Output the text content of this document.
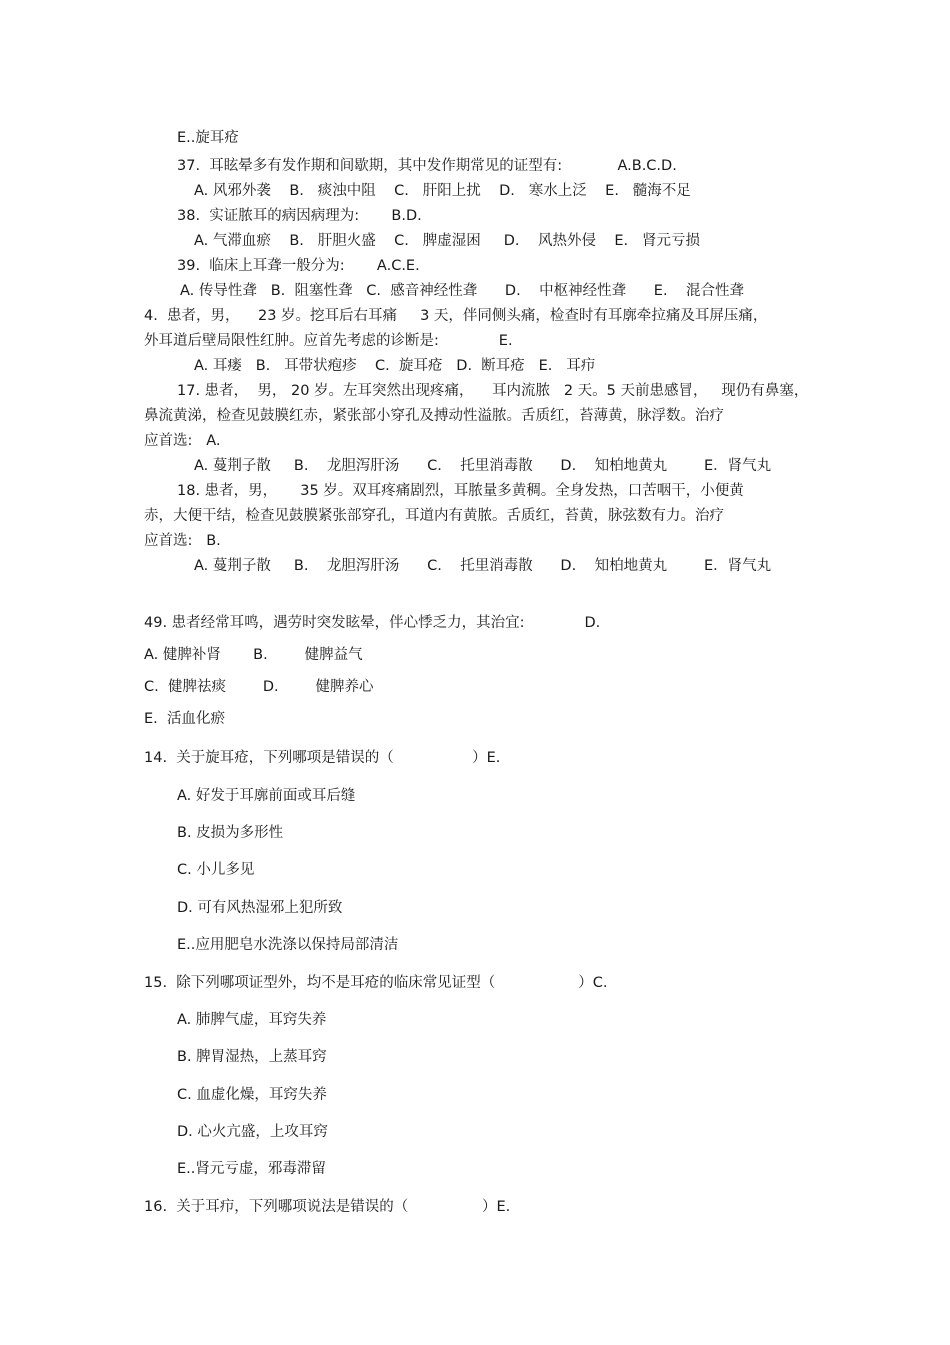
E..旋耳疮
37.  耳眩晕多有发作期和间歇期，其中发作期常见的证型有:            A.B.C.D.
A. 风邪外袭    B.   痰浊中阻    C.   肝阳上扰    D.   寒水上泛    E.   髓海不足
38.  实证脓耳的病因病理为:       B.D.
A. 气滞血瘀    B.   肝胆火盛    C.   脾虚湿困     D.    风热外侵    E.   肾元亏损
39.  临床上耳聋一般分为:       A.C.E.
A. 传导性聋   B.  阻塞性聋   C.  感音神经性聋      D.    中枢神经性聋      E.    混合性聋
4.  患者，男，    23 岁。挖耳后右耳痛     3 天，伴同侧头痛，检查时有耳廓牵拉痛及耳屏压痛，
外耳道后壁局限性红肿。应首先考虑的诊断是:             E.
A. 耳瘘   B.   耳带状疱疹    C.  旋耳疮   D.  断耳疮   E.   耳疖
17. 患者，  男， 20 岁。左耳突然出现疼痛，    耳内流脓   2 天。5 天前患感冒，   现仍有鼻塞，
鼻流黄涕，检查见鼓膜红赤，紧张部小穿孔及搏动性溢脓。舌质红，苔薄黄，脉浮数。治疗
应首选:   A.
A. 蔓荆子散     B.    龙胆泻肝汤      C.    托里消毒散      D.    知柏地黄丸        E．肾气丸
18. 患者，男，     35 岁。双耳疼痛剧烈，耳脓量多黄稠。全身发热，口苦咽干，小便黄
赤，大便干结，检查见鼓膜紧张部穿孔，耳道内有黄脓。舌质红，苔黄，脉弦数有力。治疗
应首选:   B.
A. 蔓荆子散     B.    龙胆泻肝汤      C.    托里消毒散      D.    知柏地黄丸        E．肾气丸
49. 患者经常耳鸣，遇劳时突发眩晕，伴心悸乏力，其治宜:             D.
A. 健脾补肾       B.        健脾益气
C.  健脾祛痰        D.        健脾养心
E.  活血化瘀
14.  关于旋耳疮，下列哪项是错误的（                 ）E.
A. 好发于耳廓前面或耳后缝
B. 皮损为多形性
C. 小儿多见
D. 可有风热湿邪上犯所致
E..应用肥皂水洗涤以保持局部清洁
15.  除下列哪项证型外，均不是耳疮的临床常见证型（                  ）C.
A. 肺脾气虚，耳窍失养
B. 脾胃湿热，上蒸耳窍
C. 血虚化燥，耳窍失养
D. 心火亢盛，上攻耳窍
E..肾元亏虚，邪毒滞留
16.  关于耳疖，下列哪项说法是错误的（                ）E.
